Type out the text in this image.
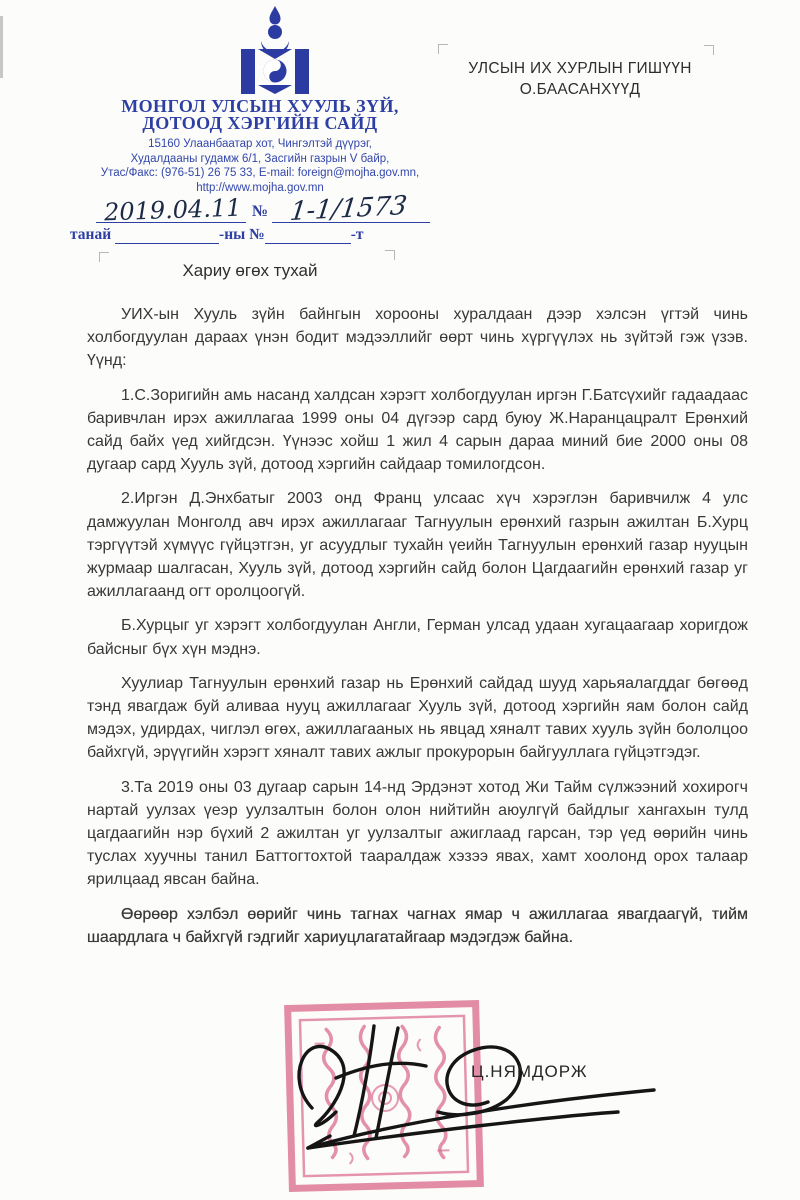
МОНГОЛ УЛСЫН ХУУЛЬ ЗҮЙ,
ДОТООД ХЭРГИЙН САЙД
15160 Улаанбаатар хот, Чингэлтэй дүүрэг,
Худалдааны гудамж 6/1, Засгийн газрын V байр,
Утас/Факс: (976-51) 26 75 33, E-mail: foreign@mojha.gov.mn,
http://www.mojha.gov.mn
УЛСЫН ИХ ХУРЛЫН ГИШҮҮН
О.БААСАНХҮҮД
2019.04.11 № 1-1/1573
танай	-ны №	-т
Хариу өгөх тухай

УИХ-ын Хууль зүйн байнгын хорооны хуралдаан дээр хэлсэн үгтэй чинь холбогдуулан дараах үнэн бодит мэдээллийг өөрт чинь хүргүүлэх нь зүйтэй гэж үзэв. Үүнд:

1.С.Зоригийн амь насанд халдсан хэрэгт холбогдуулан иргэн Г.Батсүхийг гадаадаас баривчлан ирэх ажиллагаа 1999 оны 04 дүгээр сард буюу Ж.Наранцацралт Ерөнхий сайд байх үед хийгдсэн. Үүнээс хойш 1 жил 4 сарын дараа миний бие 2000 оны 08 дугаар сард Хууль зүй, дотоод хэргийн сайдаар томилогдсон.

2.Иргэн Д.Энхбатыг 2003 онд Франц улсаас хүч хэрэглэн баривчилж 4 улс дамжуулан Монголд авч ирэх ажиллагааг Тагнуулын ерөнхий газрын ажилтан Б.Хурц тэргүүтэй хүмүүс гүйцэтгэн, уг асуудлыг тухайн үеийн Тагнуулын ерөнхий газар нууцын журмаар шалгасан, Хууль зүй, дотоод хэргийн сайд болон Цагдаагийн ерөнхий газар уг ажиллагаанд огт оролцоогүй.

Б.Хурцыг уг хэрэгт холбогдуулан Англи, Герман улсад удаан хугацаагаар хоригдож байсныг бүх хүн мэднэ.

Хуулиар Тагнуулын ерөнхий газар нь Ерөнхий сайдад шууд харьяалагддаг бөгөөд тэнд явагдаж буй аливаа нууц ажиллагааг Хууль зүй, дотоод хэргийн яам болон сайд мэдэх, удирдах, чиглэл өгөх, ажиллагааных нь явцад хяналт тавих хууль зүйн бололцоо байхгүй, эрүүгийн хэрэгт хяналт тавих ажлыг прокурорын байгууллага гүйцэтгэдэг.

3.Та 2019 оны 03 дугаар сарын 14-нд Эрдэнэт хотод Жи Тайм сүлжээний хохирогч нартай уулзах үеэр уулзалтын болон олон нийтийн аюулгүй байдлыг хангахын тулд цагдаагийн нэр бүхий 2 ажилтан уг уулзалтыг ажиглаад гарсан, тэр үед өөрийн чинь туслах хуучны танил Баттогтохтой тааралдаж хэзээ явах, хамт хоолонд орох талаар ярилцаад явсан байна.

Өөрөөр хэлбэл өөрийг чинь тагнах чагнах ямар ч ажиллагаа явагдаагүй, тийм шаардлага ч байхгүй гэдгийг хариуцлагатайгаар мэдэгдэж байна.

Ц.НЯМДОРЖ
